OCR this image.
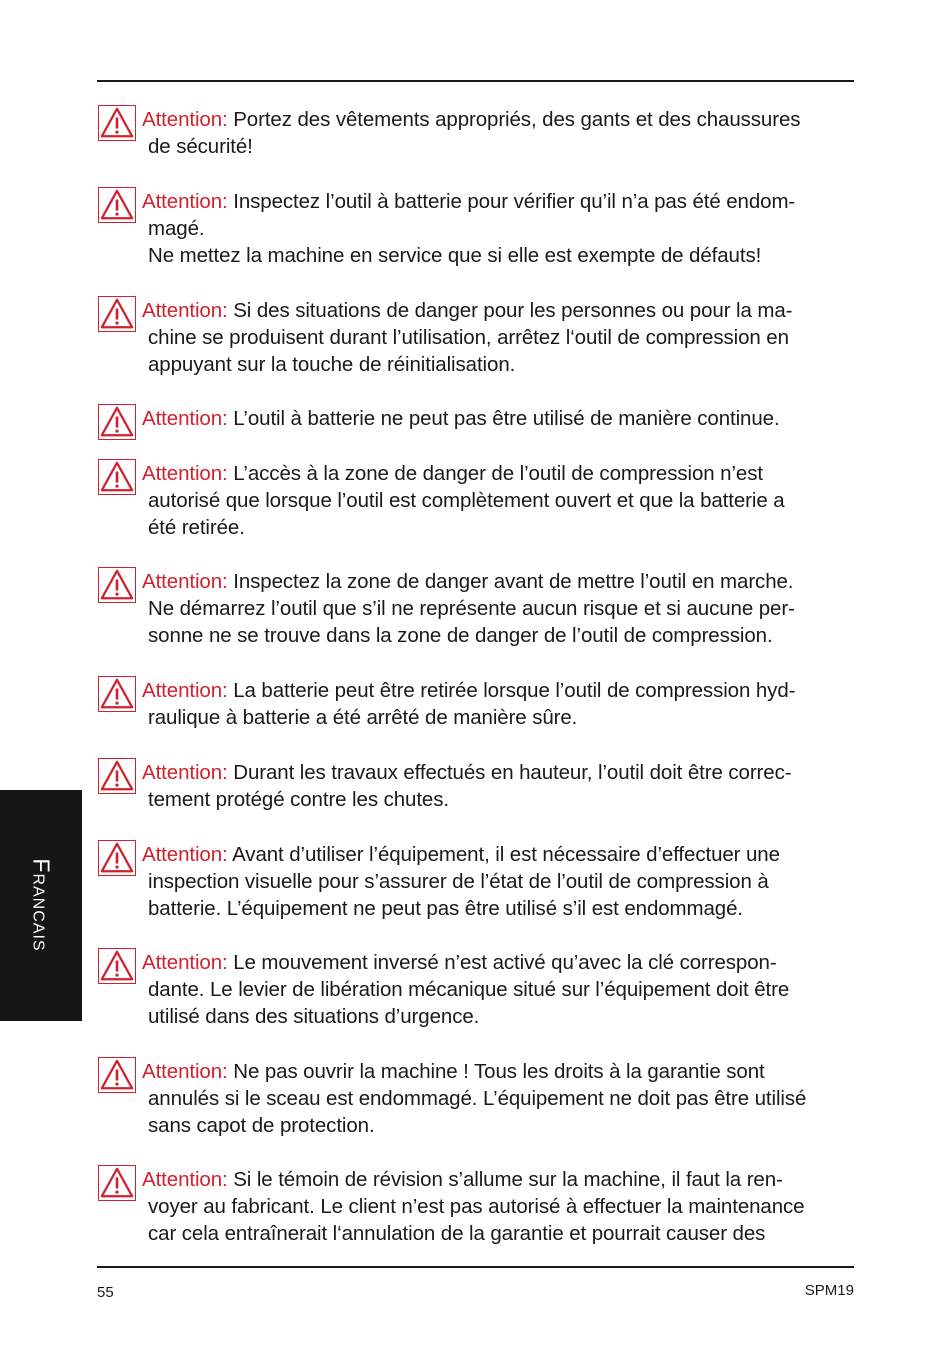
Attention: Portez des vêtements appropriés, des gants et des chaussures
de sécurité!
Attention: Inspectez l’outil à batterie pour vérifier qu’il n’a pas été endom-
magé.
Ne mettez la machine en service que si elle est exempte de défauts!
Attention: Si des situations de danger pour les personnes ou pour la ma-
chine se produisent durant l’utilisation, arrêtez l‘outil de compression en
appuyant sur la touche de réinitialisation.
Attention: L’outil à batterie ne peut pas être utilisé de manière continue.
Attention: L’accès à la zone de danger de l’outil de compression n’est
autorisé que lorsque l’outil est complètement ouvert et que la batterie a
été retirée.
Attention: Inspectez la zone de danger avant de mettre l’outil en marche.
Ne démarrez l’outil que s’il ne représente aucun risque et si aucune per-
sonne ne se trouve dans la zone de danger de l’outil de compression.
Attention: La batterie peut être retirée lorsque l’outil de compression hyd-
raulique à batterie a été arrêté de manière sûre.
Attention: Durant les travaux effectués en hauteur, l’outil doit être correc-
tement protégé contre les chutes.
Attention: Avant d’utiliser l’équipement, il est nécessaire d’effectuer une
inspection visuelle pour s’assurer de l’état de l’outil de compression à
batterie. L’équipement ne peut pas être utilisé s’il est endommagé.
Attention: Le mouvement inversé n’est activé qu’avec la clé correspon-
dante. Le levier de libération mécanique situé sur l’équipement doit être
utilisé dans des situations d’urgence.
Attention: Ne pas ouvrir la machine ! Tous les droits à la garantie sont
annulés si le sceau est endommagé. L’équipement ne doit pas être utilisé
sans capot de protection.
Attention: Si le témoin de révision s’allume sur la machine, il faut la ren-
voyer au fabricant. Le client n’est pas autorisé à effectuer la maintenance
car cela entraînerait l‘annulation de la garantie et pourrait causer des
Francais
55	SPM19
